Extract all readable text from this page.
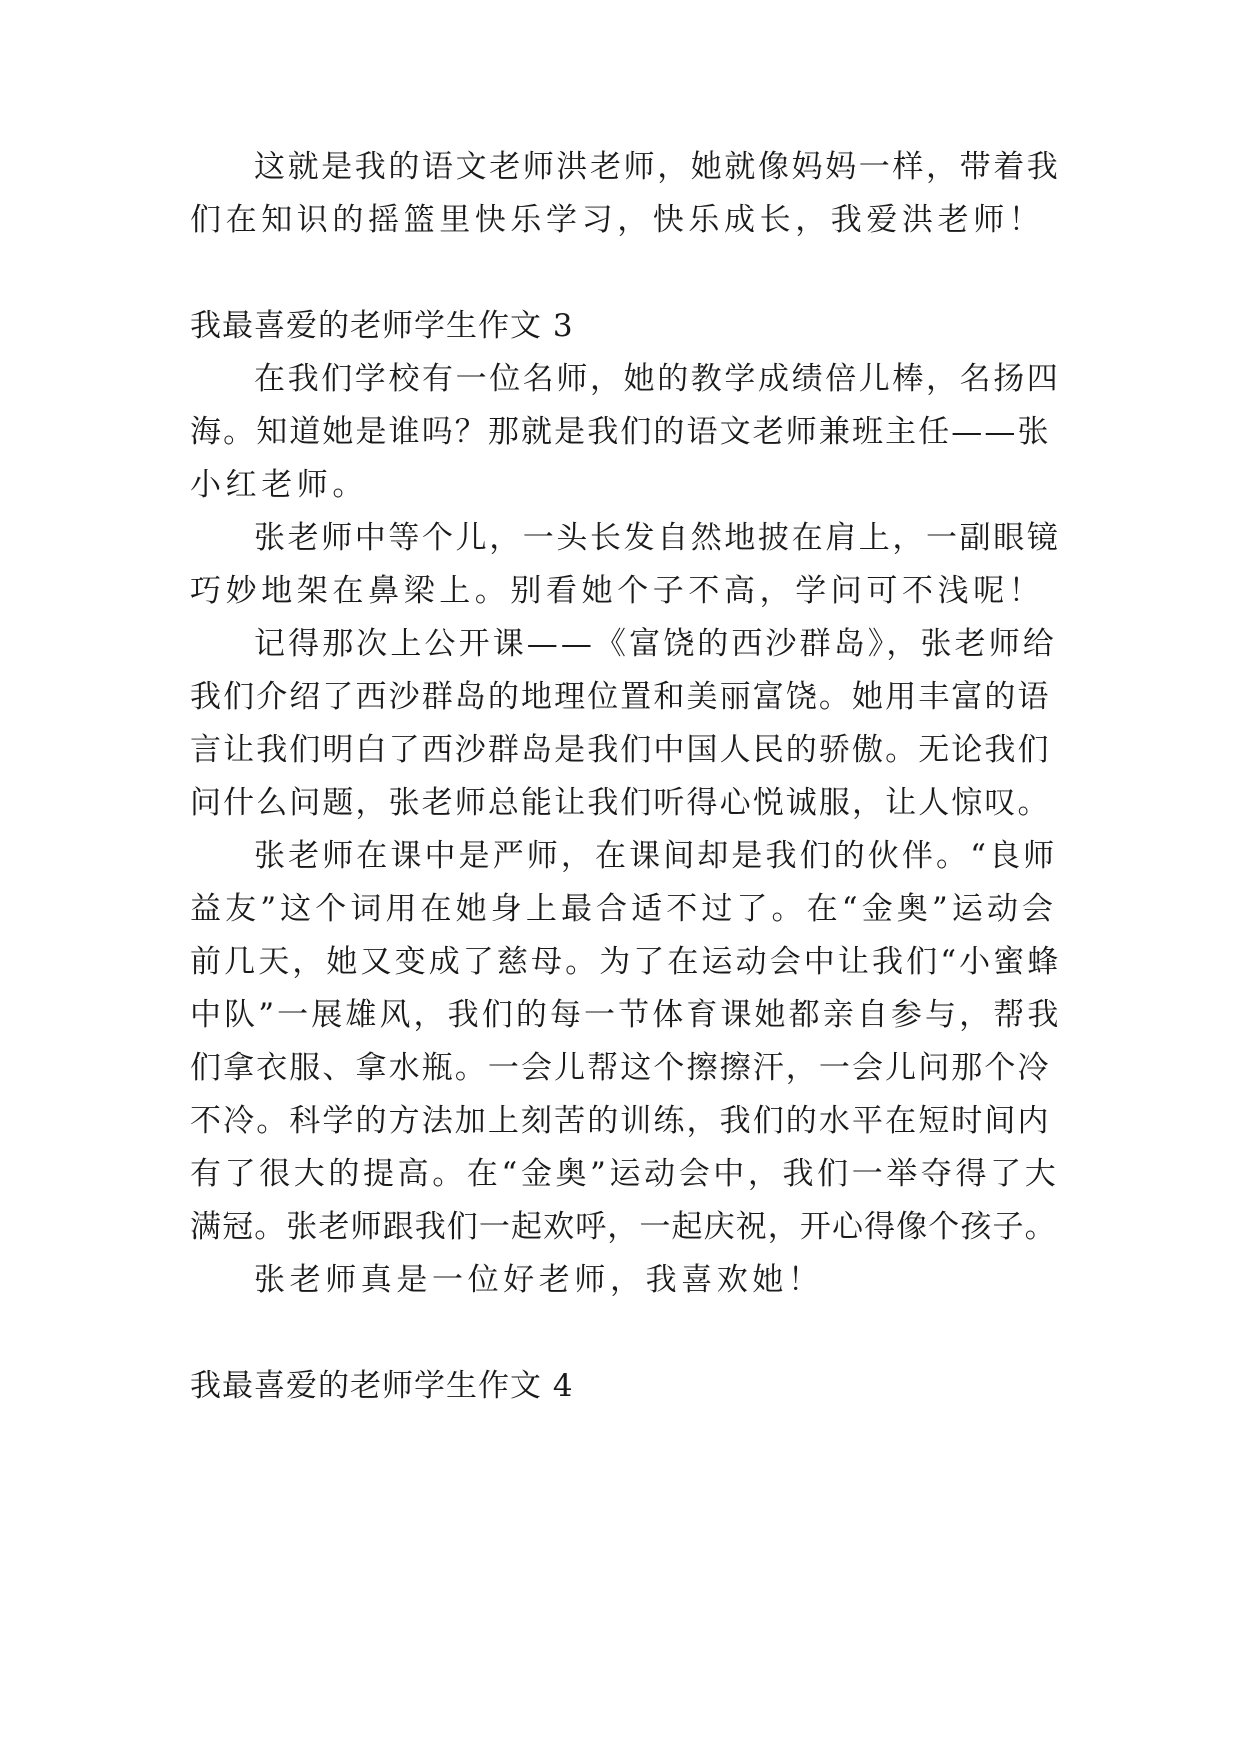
这就是我的语文老师洪老师，她就像妈妈一样，带着我
们在知识的摇篮里快乐学习，快乐成长，我爱洪老师！
我最喜爱的老师学生作文 3
在我们学校有一位名师，她的教学成绩倍儿棒，名扬四
海。知道她是谁吗？那就是我们的语文老师兼班主任——张
小红老师。
张老师中等个儿，一头长发自然地披在肩上，一副眼镜
巧妙地架在鼻梁上。别看她个子不高，学问可不浅呢！
记得那次上公开课——《富饶的西沙群岛》，张老师给
我们介绍了西沙群岛的地理位置和美丽富饶。她用丰富的语
言让我们明白了西沙群岛是我们中国人民的骄傲。无论我们
问什么问题，张老师总能让我们听得心悦诚服，让人惊叹。
张老师在课中是严师，在课间却是我们的伙伴。“良师
益友”这个词用在她身上最合适不过了。在“金奥”运动会
前几天，她又变成了慈母。为了在运动会中让我们“小蜜蜂
中队”一展雄风，我们的每一节体育课她都亲自参与，帮我
们拿衣服、拿水瓶。一会儿帮这个擦擦汗，一会儿问那个冷
不冷。科学的方法加上刻苦的训练，我们的水平在短时间内
有了很大的提高。在“金奥”运动会中，我们一举夺得了大
满冠。张老师跟我们一起欢呼，一起庆祝，开心得像个孩子。
张老师真是一位好老师，我喜欢她！
我最喜爱的老师学生作文 4
